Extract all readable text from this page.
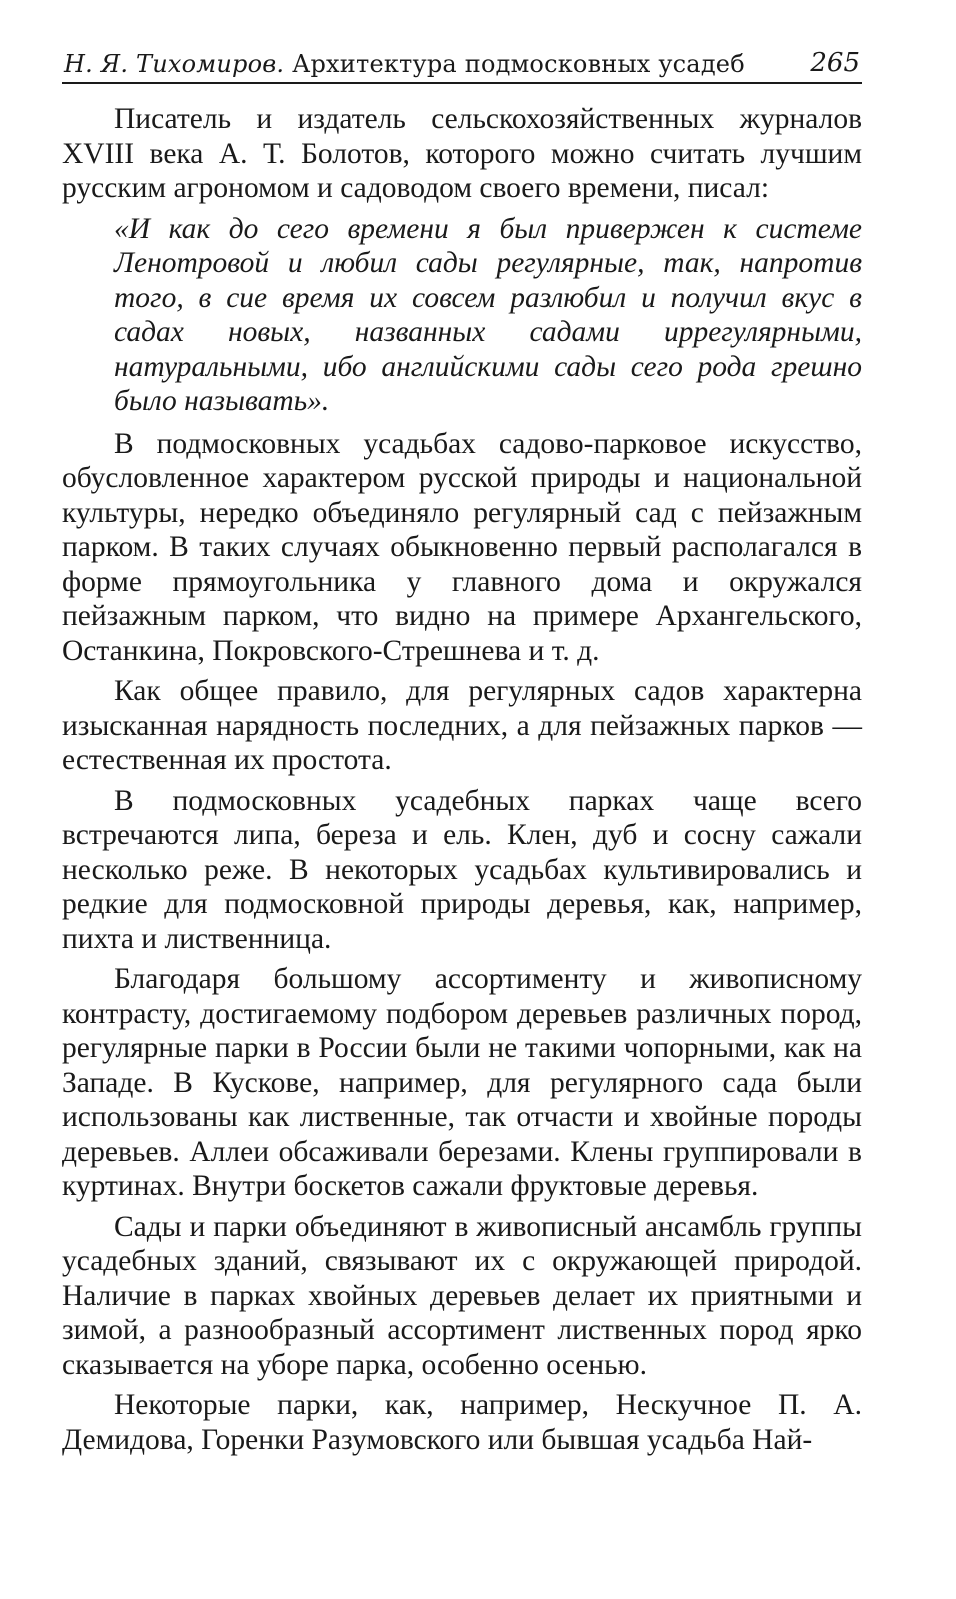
Н. Я. Тихомиров. Архитектура подмосковных усадеб	265

Писатель и издатель сельскохозяйственных журналов XVIII века А. Т. Болотов, которого можно считать лучшим русским агрономом и садоводом своего времени, писал:

«И как до сего времени я был привержен к системе Ленотровой и любил сады регулярные, так, напротив того, в сие время их совсем разлюбил и получил вкус в садах новых, названных садами иррегулярными, натуральными, ибо английскими сады сего рода грешно было называть».

В подмосковных усадьбах садово-парковое искусство, обусловленное характером русской природы и национальной культуры, нередко объединяло регулярный сад с пейзажным парком. В таких случаях обыкновенно первый располагался в форме прямоугольника у главного дома и окружался пейзажным парком, что видно на примере Архангельского, Останкина, Покровского-Стрешнева и т. д.

Как общее правило, для регулярных садов характерна изысканная нарядность последних, а для пейзажных парков — естественная их простота.

В подмосковных усадебных парках чаще всего встречаются липа, береза и ель. Клен, дуб и сосну сажали несколько реже. В некоторых усадьбах культивировались и редкие для подмосковной природы деревья, как, например, пихта и лиственница.

Благодаря большому ассортименту и живописному контрасту, достигаемому подбором деревьев различных пород, регулярные парки в России были не такими чопорными, как на Западе. В Кускове, например, для регулярного сада были использованы как лиственные, так отчасти и хвойные породы деревьев. Аллеи обсаживали березами. Клены группировали в куртинах. Внутри боскетов сажали фруктовые деревья.

Сады и парки объединяют в живописный ансамбль группы усадебных зданий, связывают их с окружающей природой. Наличие в парках хвойных деревьев делает их приятными и зимой, а разнообразный ассортимент лиственных пород ярко сказывается на уборе парка, особенно осенью.

Некоторые парки, как, например, Нескучное П. А. Демидова, Горенки Разумовского или бывшая усадьба Най-
